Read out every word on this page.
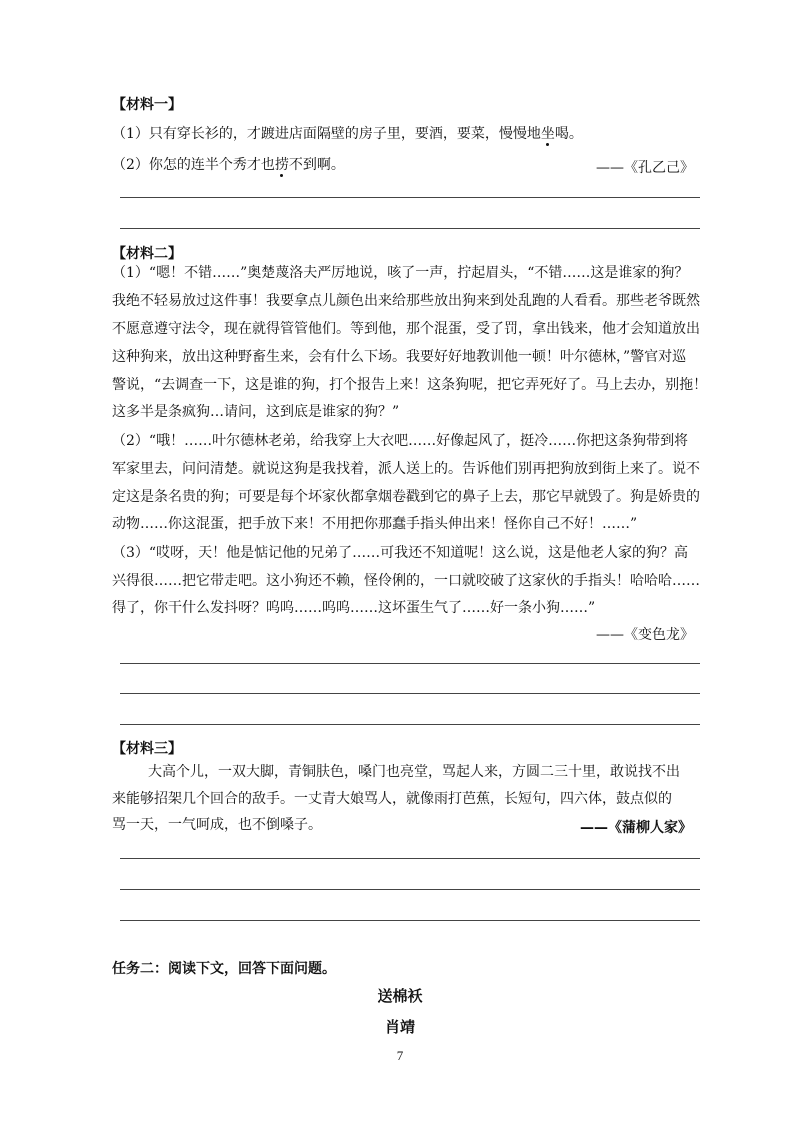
【材料一】
（1）只有穿长衫的，才踱进店面隔壁的房子里，要酒，要菜，慢慢地坐喝。
（2）你怎的连半个秀才也捞不到啊。	——《孔乙己》
【材料二】
（1）“嗯！不错……”奥楚蔑洛夫严厉地说，咳了一声，拧起眉头，“不错……这是谁家的狗？
我绝不轻易放过这件事！我要拿点儿颜色出来给那些放出狗来到处乱跑的人看看。那些老爷既然
不愿意遵守法令，现在就得管管他们。等到他，那个混蛋，受了罚，拿出钱来，他才会知道放出
这种狗来，放出这种野畜生来，会有什么下场。我要好好地教训他一顿！叶尔德林，”警官对巡
警说，“去调查一下，这是谁的狗，打个报告上来！这条狗呢，把它弄死好了。马上去办，别拖！
这多半是条疯狗…请问，这到底是谁家的狗？”
（2）“哦！……叶尔德林老弟，给我穿上大衣吧……好像起风了，挺冷……你把这条狗带到将
军家里去，问问清楚。就说这狗是我找着，派人送上的。告诉他们别再把狗放到街上来了。说不
定这是条名贵的狗；可要是每个坏家伙都拿烟卷戳到它的鼻子上去，那它早就毁了。狗是娇贵的
动物……你这混蛋，把手放下来！不用把你那蠢手指头伸出来！怪你自己不好！……”
（3）“哎呀，天！他是惦记他的兄弟了……可我还不知道呢！这么说，这是他老人家的狗？高
兴得很……把它带走吧。这小狗还不赖，怪伶俐的，一口就咬破了这家伙的手指头！哈哈哈……
得了，你干什么发抖呀？呜呜……呜呜……这坏蛋生气了……好一条小狗……”
——《变色龙》
【材料三】
大高个儿，一双大脚，青铜肤色，嗓门也亮堂，骂起人来，方圆二三十里，敢说找不出
来能够招架几个回合的敌手。一丈青大娘骂人，就像雨打芭蕉，长短句，四六体，鼓点似的
骂一天，一气呵成，也不倒嗓子。	——《蒲柳人家》
任务二：阅读下文，回答下面问题。
送棉袄
肖靖
7
